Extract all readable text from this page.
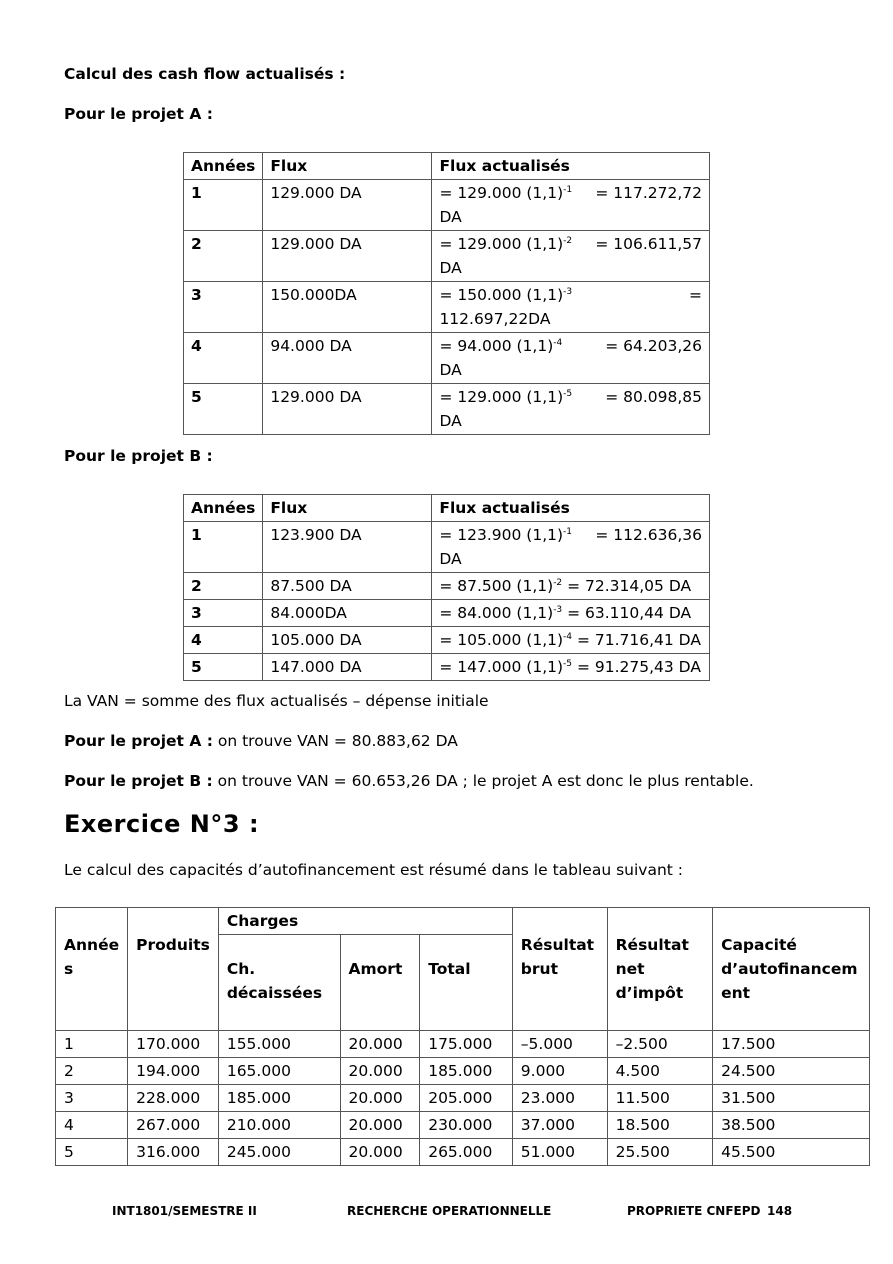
Calcul des cash flow actualisés :
Pour le projet A :
Années	Flux	Flux actualisés
1	129.000 DA	= 129.000 $(1,1)^{-1} = 117.272,72$
DA

2	129.000 DA	= 129.000 $(1,1)^{-2} = 106.611,57$
DA

3	150.000DA	= 150.000 $(1,1)^{-3}$ =
112.697,22DA

4	94.000 DA	= 94.000 $(1,1)^{-4} = 64.203,26$
DA

5	129.000 DA	= 129.000 $(1,1)^{-5} = 80.098,85$
DA
Pour le projet B :
Années	Flux	Flux actualisés
1	123.900 DA	= 123.900 $(1,1)^{-1} = 112.636,36$
DA

2	87.500 DA	= 87.500 $(1,1)^{-2} = 72.314,05$ DA
3	84.000DA	= 84.000 $(1,1)^{-3} = 63.110,44$ DA
4	105.000 DA	= 105.000 $(1,1)^{-4} = 71.716,41$ DA
5	147.000 DA	= 147.000 $(1,1)^{-5} = 91.275,43$ DA
La VAN = somme des flux actualisés – dépense initiale
Pour le projet A : on trouve VAN = 80.883,62 DA
Pour le projet B : on trouve VAN = 60.653,26 DA ; le projet A est donc le plus rentable.
Exercice N°3 :
Le calcul des capacités d’autofinancement est résumé dans le tableau suivant :
Année s	Produits	Charges			Résultat brut	Résultat net d’impôt	Capacité d’autofinancem ent
		Ch. décaissées	Amort	Total			
1	170.000	155.000	20.000	175.000	–5.000	–2.500	17.500
2	194.000	165.000	20.000	185.000	9.000	4.500	24.500
3	228.000	185.000	20.000	205.000	23.000	11.500	31.500
4	267.000	210.000	20.000	230.000	37.000	18.500	38.500
5	316.000	245.000	20.000	265.000	51.000	25.500	45.500
INT1801/SEMESTRE II	RECHERCHE OPERATIONNELLE	PROPRIETE CNFEPD 148
